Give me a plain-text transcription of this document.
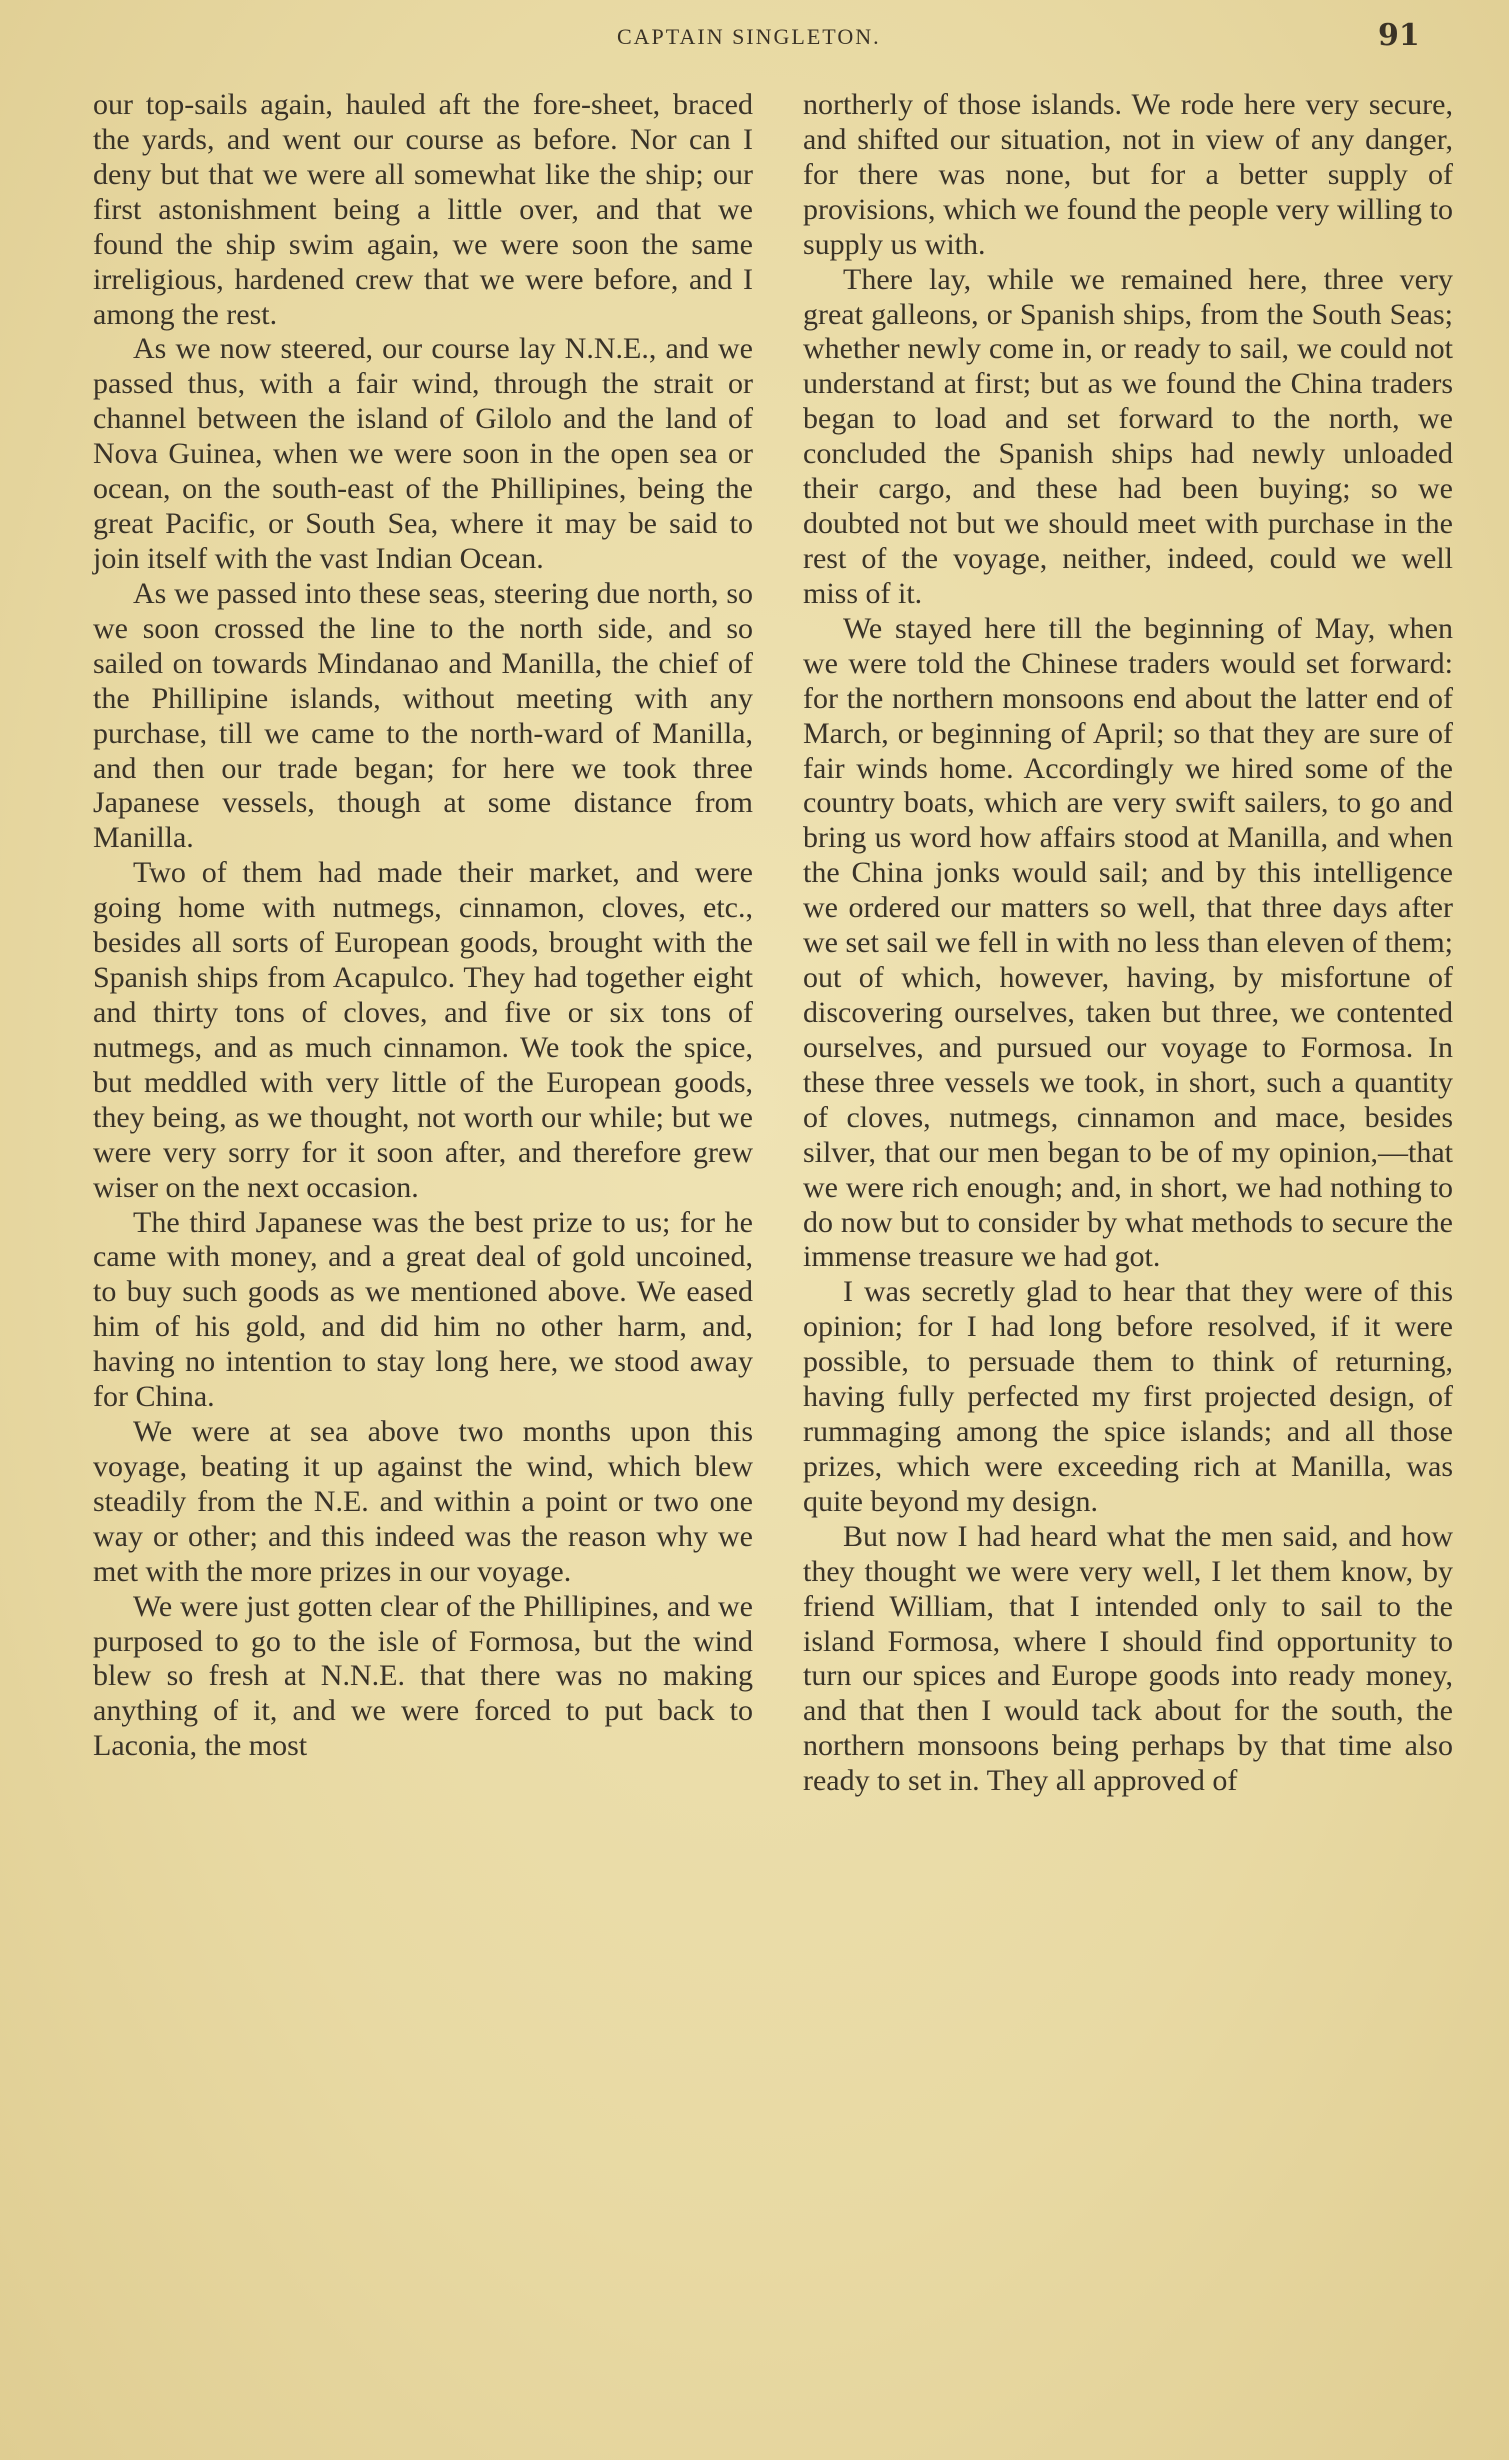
CAPTAIN SINGLETON.	91

our top-sails again, hauled aft the fore-sheet, braced the yards, and went our course as before. Nor can I deny but that we were all somewhat like the ship; our first astonishment being a little over, and that we found the ship swim again, we were soon the same irreligious, hardened crew that we were before, and I among the rest.

As we now steered, our course lay N.N.E., and we passed thus, with a fair wind, through the strait or channel between the island of Gilolo and the land of Nova Guinea, when we were soon in the open sea or ocean, on the south-east of the Phillipines, being the great Pacific, or South Sea, where it may be said to join itself with the vast Indian Ocean.

As we passed into these seas, steering due north, so we soon crossed the line to the north side, and so sailed on towards Mindanao and Manilla, the chief of the Phillipine islands, without meeting with any purchase, till we came to the north-ward of Manilla, and then our trade began; for here we took three Japanese vessels, though at some distance from Manilla.

Two of them had made their market, and were going home with nutmegs, cinnamon, cloves, etc., besides all sorts of European goods, brought with the Spanish ships from Acapulco. They had together eight and thirty tons of cloves, and five or six tons of nutmegs, and as much cinnamon. We took the spice, but meddled with very little of the European goods, they being, as we thought, not worth our while; but we were very sorry for it soon after, and therefore grew wiser on the next occasion.

The third Japanese was the best prize to us; for he came with money, and a great deal of gold uncoined, to buy such goods as we mentioned above. We eased him of his gold, and did him no other harm, and, having no intention to stay long here, we stood away for China.

We were at sea above two months upon this voyage, beating it up against the wind, which blew steadily from the N.E. and within a point or two one way or other; and this indeed was the reason why we met with the more prizes in our voyage.

We were just gotten clear of the Phillipines, and we purposed to go to the isle of Formosa, but the wind blew so fresh at N.N.E. that there was no making anything of it, and we were forced to put back to Laconia, the most

northerly of those islands. We rode here very secure, and shifted our situation, not in view of any danger, for there was none, but for a better supply of provisions, which we found the people very willing to supply us with.

There lay, while we remained here, three very great galleons, or Spanish ships, from the South Seas; whether newly come in, or ready to sail, we could not understand at first; but as we found the China traders began to load and set forward to the north, we concluded the Spanish ships had newly unloaded their cargo, and these had been buying; so we doubted not but we should meet with purchase in the rest of the voyage, neither, indeed, could we well miss of it.

We stayed here till the beginning of May, when we were told the Chinese traders would set forward: for the northern monsoons end about the latter end of March, or beginning of April; so that they are sure of fair winds home. Accordingly we hired some of the country boats, which are very swift sailers, to go and bring us word how affairs stood at Manilla, and when the China jonks would sail; and by this intelligence we ordered our matters so well, that three days after we set sail we fell in with no less than eleven of them; out of which, however, having, by misfortune of discovering ourselves, taken but three, we contented ourselves, and pursued our voyage to Formosa. In these three vessels we took, in short, such a quantity of cloves, nutmegs, cinnamon and mace, besides silver, that our men began to be of my opinion,—that we were rich enough; and, in short, we had nothing to do now but to consider by what methods to secure the immense treasure we had got.

I was secretly glad to hear that they were of this opinion; for I had long before resolved, if it were possible, to persuade them to think of returning, having fully perfected my first projected design, of rummaging among the spice islands; and all those prizes, which were exceeding rich at Manilla, was quite beyond my design.

But now I had heard what the men said, and how they thought we were very well, I let them know, by friend William, that I intended only to sail to the island Formosa, where I should find opportunity to turn our spices and Europe goods into ready money, and that then I would tack about for the south, the northern monsoons being perhaps by that time also ready to set in. They all approved of
